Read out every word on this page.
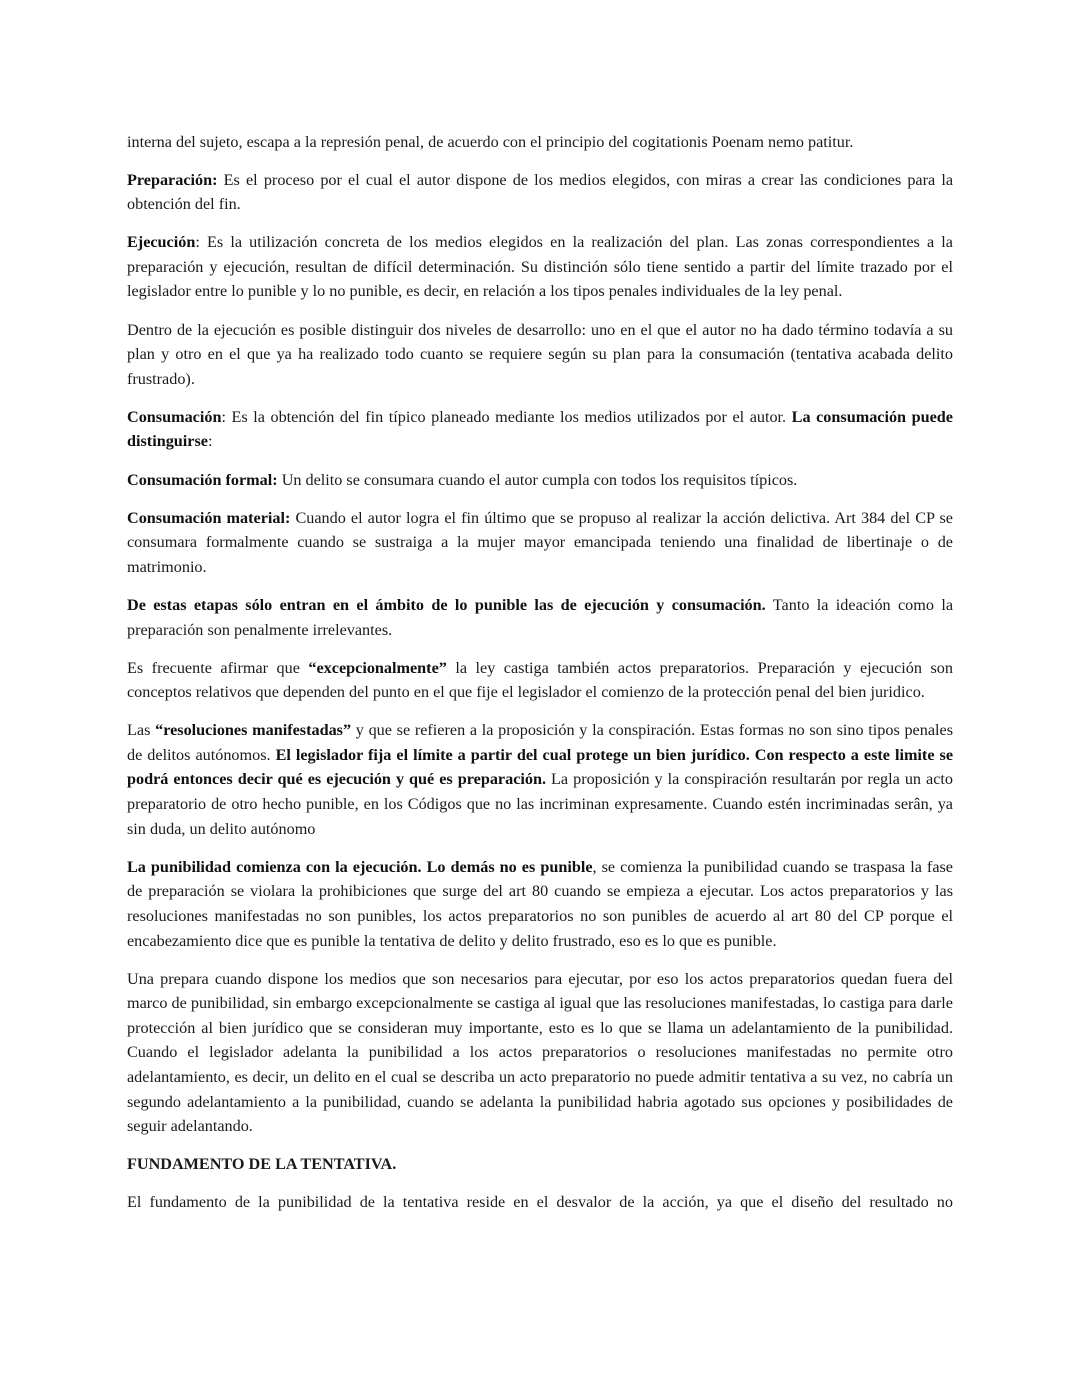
interna del sujeto, escapa a la represión penal, de acuerdo con el principio del cogitationis Poenam nemo patitur.

Preparación: Es el proceso por el cual el autor dispone de los medios elegidos, con miras a crear las condiciones para la obtención del fin.

Ejecución: Es la utilización concreta de los medios elegidos en la realización del plan. Las zonas correspondientes a la preparación y ejecución, resultan de difícil determinación. Su distinción sólo tiene sentido a partir del límite trazado por el legislador entre lo punible y lo no punible, es decir, en relación a los tipos penales individuales de la ley penal.

Dentro de la ejecución es posible distinguir dos niveles de desarrollo: uno en el que el autor no ha dado término todavía a su plan y otro en el que ya ha realizado todo cuanto se requiere según su plan para la consumación (tentativa acabada delito frustrado).

Consumación: Es la obtención del fin típico planeado mediante los medios utilizados por el autor. La consumación puede distinguirse:

Consumación formal: Un delito se consumara cuando el autor cumpla con todos los requisitos típicos.

Consumación material: Cuando el autor logra el fin último que se propuso al realizar la acción delictiva. Art 384 del CP se consumara formalmente cuando se sustraiga a la mujer mayor emancipada teniendo una finalidad de libertinaje o de matrimonio.

De estas etapas sólo entran en el ámbito de lo punible las de ejecución y consumación. Tanto la ideación como la preparación son penalmente irrelevantes.

Es frecuente afirmar que “excepcionalmente” la ley castiga también actos preparatorios. Preparación y ejecución son conceptos relativos que dependen del punto en el que fije el legislador el comienzo de la protección penal del bien juridico.

Las “resoluciones manifestadas” y que se refieren a la proposición y la conspiración. Estas formas no son sino tipos penales de delitos autónomos. El legislador fija el límite a partir del cual protege un bien jurídico. Con respecto a este limite se podrá entonces decir qué es ejecución y qué es preparación. La proposición y la conspiración resultarán por regla un acto preparatorio de otro hecho punible, en los Códigos que no las incriminan expresamente. Cuando estén incriminadas serân, ya sin duda, un delito autónomo

La punibilidad comienza con la ejecución. Lo demás no es punible, se comienza la punibilidad cuando se traspasa la fase de preparación se violara la prohibiciones que surge del art 80 cuando se empieza a ejecutar. Los actos preparatorios y las resoluciones manifestadas no son punibles, los actos preparatorios no son punibles de acuerdo al art 80 del CP porque el encabezamiento dice que es punible la tentativa de delito y delito frustrado, eso es lo que es punible.

Una prepara cuando dispone los medios que son necesarios para ejecutar, por eso los actos preparatorios quedan fuera del marco de punibilidad, sin embargo excepcionalmente se castiga al igual que las resoluciones manifestadas, lo castiga para darle protección al bien jurídico que se consideran muy importante, esto es lo que se llama un adelantamiento de la punibilidad. Cuando el legislador adelanta la punibilidad a los actos preparatorios o resoluciones manifestadas no permite otro adelantamiento, es decir, un delito en el cual se describa un acto preparatorio no puede admitir tentativa a su vez, no cabría un segundo adelantamiento a la punibilidad, cuando se adelanta la punibilidad habria agotado sus opciones y posibilidades de seguir adelantando.

FUNDAMENTO DE LA TENTATIVA.

El fundamento de la punibilidad de la tentativa reside en el desvalor de la acción, ya que el diseño del resultado no
